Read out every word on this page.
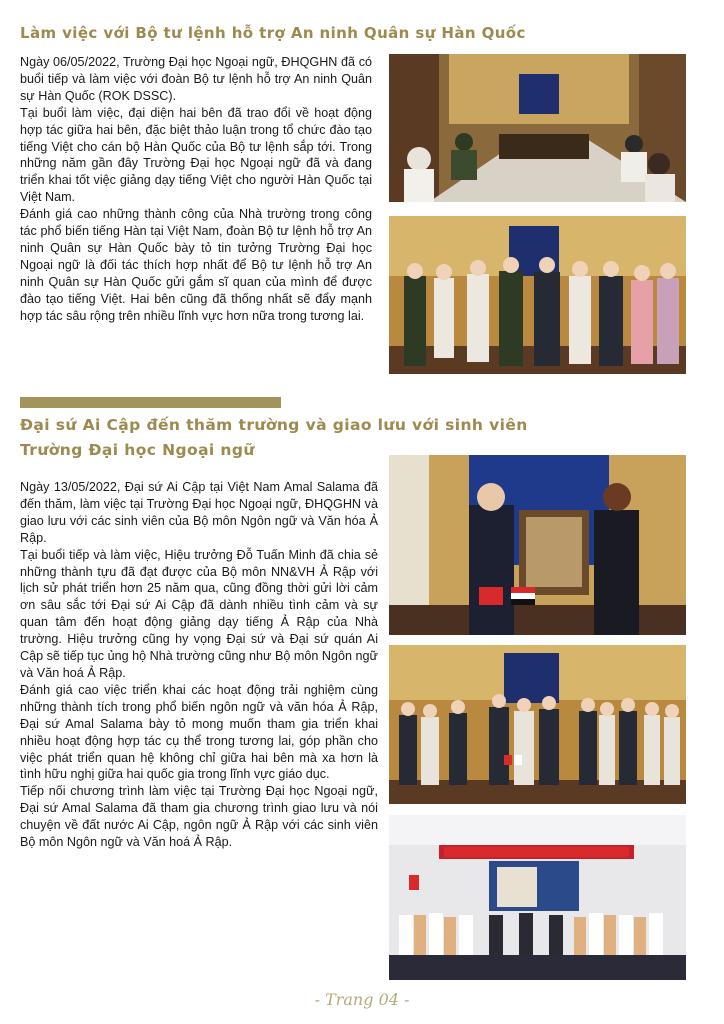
Làm việc với Bộ tư lệnh hỗ trợ An ninh Quân sự Hàn Quốc

Ngày 06/05/2022, Trường Đại học Ngoại ngữ, ĐHQGHN đã có buổi tiếp và làm việc với đoàn Bộ tư lệnh hỗ trợ An ninh Quân sự Hàn Quốc (ROK DSSC).

Tại buổi làm việc, đại diện hai bên đã trao đổi về hoạt động hợp tác giữa hai bên, đặc biệt thảo luận trong tổ chức đào tạo tiếng Việt cho cán bộ Hàn Quốc của Bộ tư lệnh sắp tới. Trong những năm gần đây Trường Đại học Ngoại ngữ đã và đang triển khai tốt việc giảng dạy tiếng Việt cho người Hàn Quốc tại Việt Nam.

Đánh giá cao những thành công của Nhà trường trong công tác phổ biến tiếng Hàn tại Việt Nam, đoàn Bộ tư lệnh hỗ trợ An ninh Quân sự Hàn Quốc bày tỏ tin tưởng Trường Đại học Ngoại ngữ là đối tác thích hợp nhất để Bộ tư lệnh hỗ trợ An ninh Quân sự Hàn Quốc gửi gắm sĩ quan của mình để được đào tạo tiếng Việt. Hai bên cũng đã thống nhất sẽ đẩy mạnh hợp tác sâu rộng trên nhiều lĩnh vực hơn nữa trong tương lai.

Đại sứ Ai Cập đến thăm trường và giao lưu với sinh viên
Trường Đại học Ngoại ngữ

Ngày 13/05/2022, Đại sứ Ai Cập tại Việt Nam Amal Salama đã đến thăm, làm việc tại Trường Đại học Ngoại ngữ, ĐHQGHN và giao lưu với các sinh viên của Bộ môn Ngôn ngữ và Văn hóa Ả Rập.

Tại buổi tiếp và làm việc, Hiệu trưởng Đỗ Tuấn Minh đã chia sẻ những thành tựu đã đạt được của Bộ môn NN&VH Ả Rập với lịch sử phát triển hơn 25 năm qua, cũng đồng thời gửi lời cảm ơn sâu sắc tới Đại sứ Ai Cập đã dành nhiều tình cảm và sự quan tâm đến hoạt động giảng dạy tiếng Ả Rập của Nhà trường. Hiệu trưởng cũng hy vọng Đại sứ và Đại sứ quán Ai Cập sẽ tiếp tục ủng hộ Nhà trường cũng như Bộ môn Ngôn ngữ và Văn hoá Ả Rập.

Đánh giá cao việc triển khai các hoạt động trải nghiệm cùng những thành tích trong phổ biến ngôn ngữ và văn hóa Ả Rập, Đại sứ Amal Salama bày tỏ mong muốn tham gia triển khai nhiều hoạt động hợp tác cụ thể trong tương lai, góp phần cho việc phát triển quan hệ không chỉ giữa hai bên mà xa hơn là tình hữu nghị giữa hai quốc gia trong lĩnh vực giáo dục.

Tiếp nối chương trình làm việc tại Trường Đại học Ngoại ngữ, Đại sứ Amal Salama đã tham gia chương trình giao lưu và nói chuyện về đất nước Ai Cập, ngôn ngữ Ả Rập với các sinh viên Bộ môn Ngôn ngữ và Văn hoá Ả Rập.

- Trang 04 -
